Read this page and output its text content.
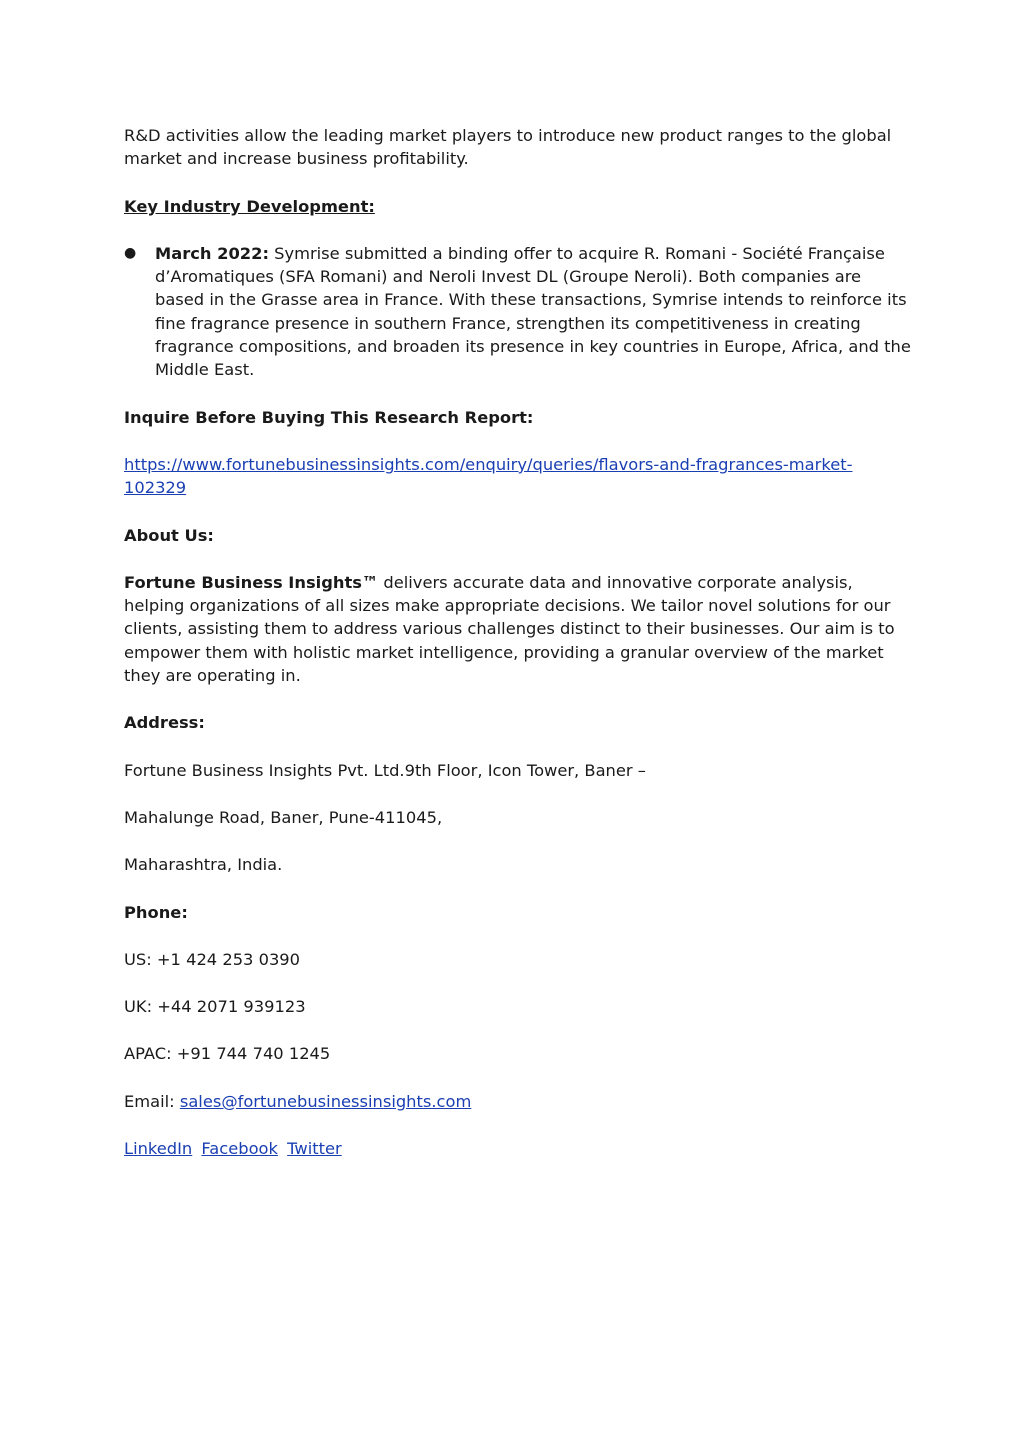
R&D activities allow the leading market players to introduce new product ranges to the global market and increase business profitability.

Key Industry Development:

● March 2022: Symrise submitted a binding offer to acquire R. Romani - Société Française d’Aromatiques (SFA Romani) and Neroli Invest DL (Groupe Neroli). Both companies are based in the Grasse area in France. With these transactions, Symrise intends to reinforce its fine fragrance presence in southern France, strengthen its competitiveness in creating fragrance compositions, and broaden its presence in key countries in Europe, Africa, and the Middle East.

Inquire Before Buying This Research Report:

https://www.fortunebusinessinsights.com/enquiry/queries/flavors-and-fragrances-market-102329

About Us:

Fortune Business Insights™ delivers accurate data and innovative corporate analysis, helping organizations of all sizes make appropriate decisions. We tailor novel solutions for our clients, assisting them to address various challenges distinct to their businesses. Our aim is to empower them with holistic market intelligence, providing a granular overview of the market they are operating in.

Address:

Fortune Business Insights Pvt. Ltd.9th Floor, Icon Tower, Baner –

Mahalunge Road, Baner, Pune-411045,

Maharashtra, India.

Phone:

US: +1 424 253 0390

UK: +44 2071 939123

APAC: +91 744 740 1245

Email: sales@fortunebusinessinsights.com

LinkedIn Facebook Twitter
